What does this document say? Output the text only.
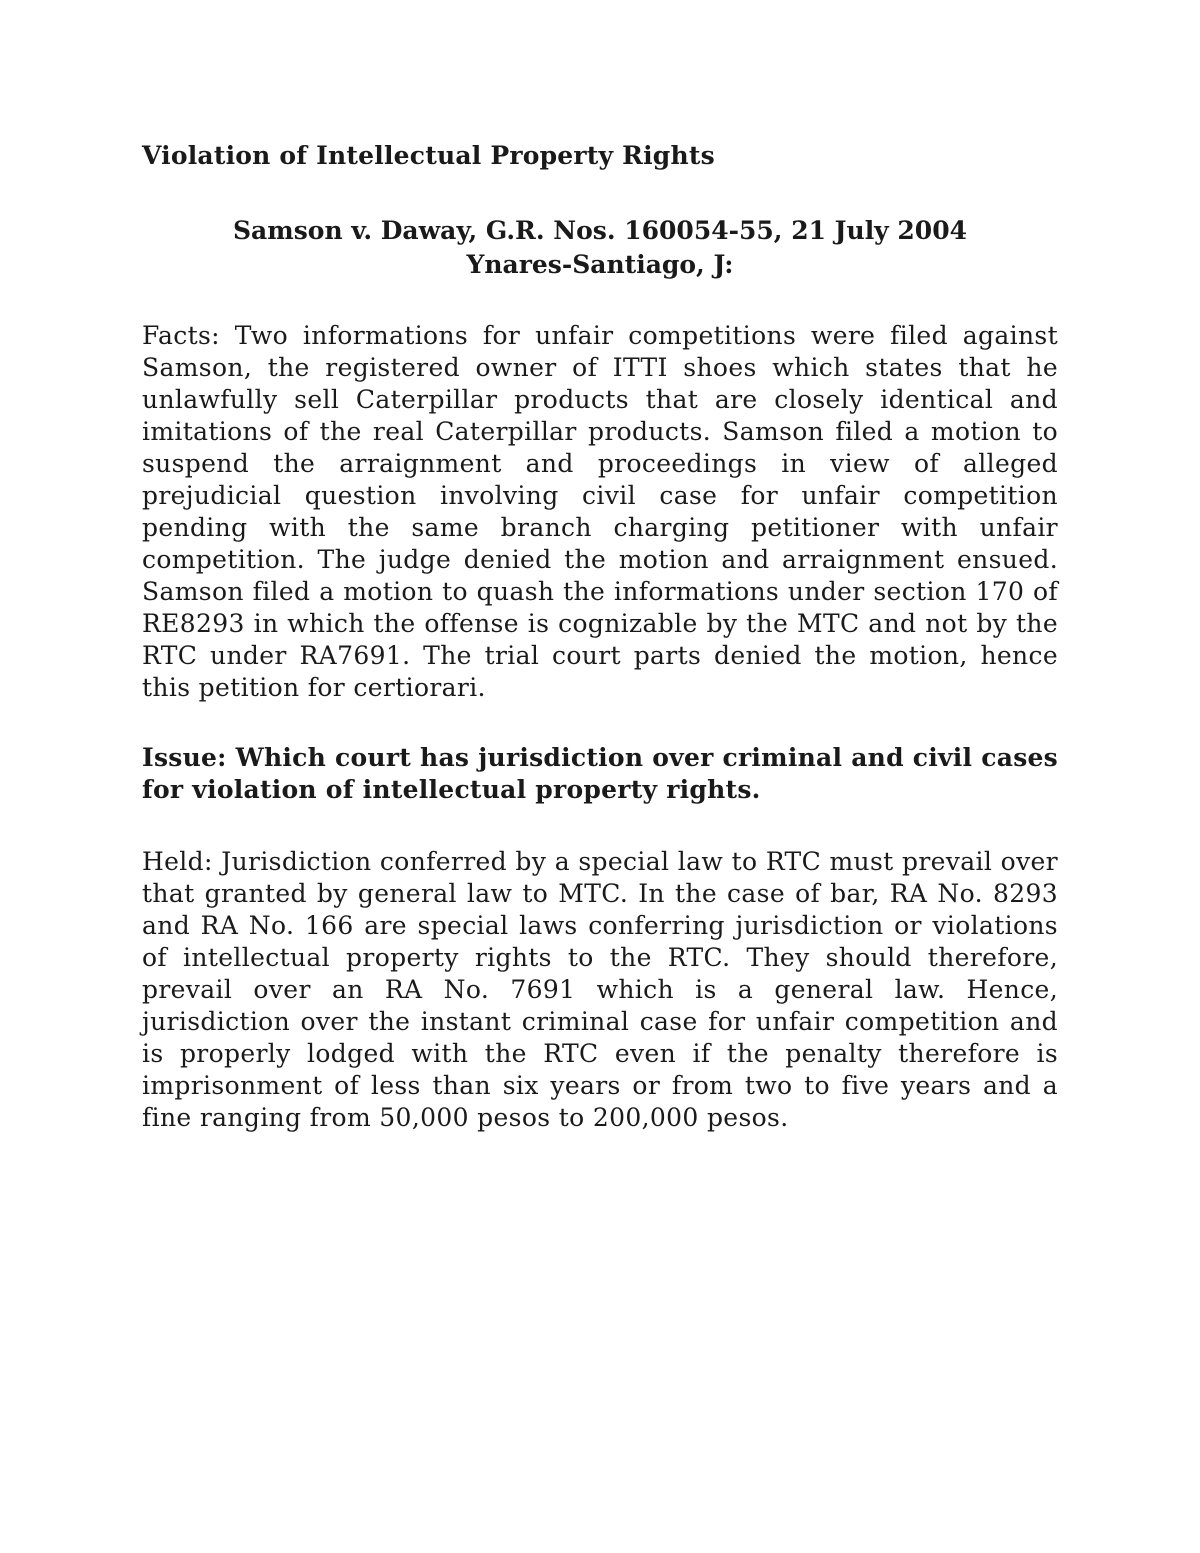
Violation of Intellectual Property Rights
Samson v. Daway, G.R. Nos. 160054-55, 21 July 2004
Ynares-Santiago, J:

Facts: Two informations for unfair competitions were filed against Samson, the registered owner of ITTI shoes which states that he unlawfully sell Caterpillar products that are closely identical and imitations of the real Caterpillar products. Samson filed a motion to suspend the arraignment and proceedings in view of alleged prejudicial question involving civil case for unfair competition pending with the same branch charging petitioner with unfair competition. The judge denied the motion and arraignment ensued. Samson filed a motion to quash the informations under section 170 of RE8293 in which the offense is cognizable by the MTC and not by the RTC under RA7691. The trial court parts denied the motion, hence this petition for certiorari.

Issue: Which court has jurisdiction over criminal and civil cases for violation of intellectual property rights.

Held: Jurisdiction conferred by a special law to RTC must prevail over that granted by general law to MTC. In the case of bar, RA No. 8293 and RA No. 166 are special laws conferring jurisdiction or violations of intellectual property rights to the RTC. They should therefore, prevail over an RA No. 7691 which is a general law. Hence, jurisdiction over the instant criminal case for unfair competition and is properly lodged with the RTC even if the penalty therefore is imprisonment of less than six years or from two to five years and a fine ranging from 50,000 pesos to 200,000 pesos.
